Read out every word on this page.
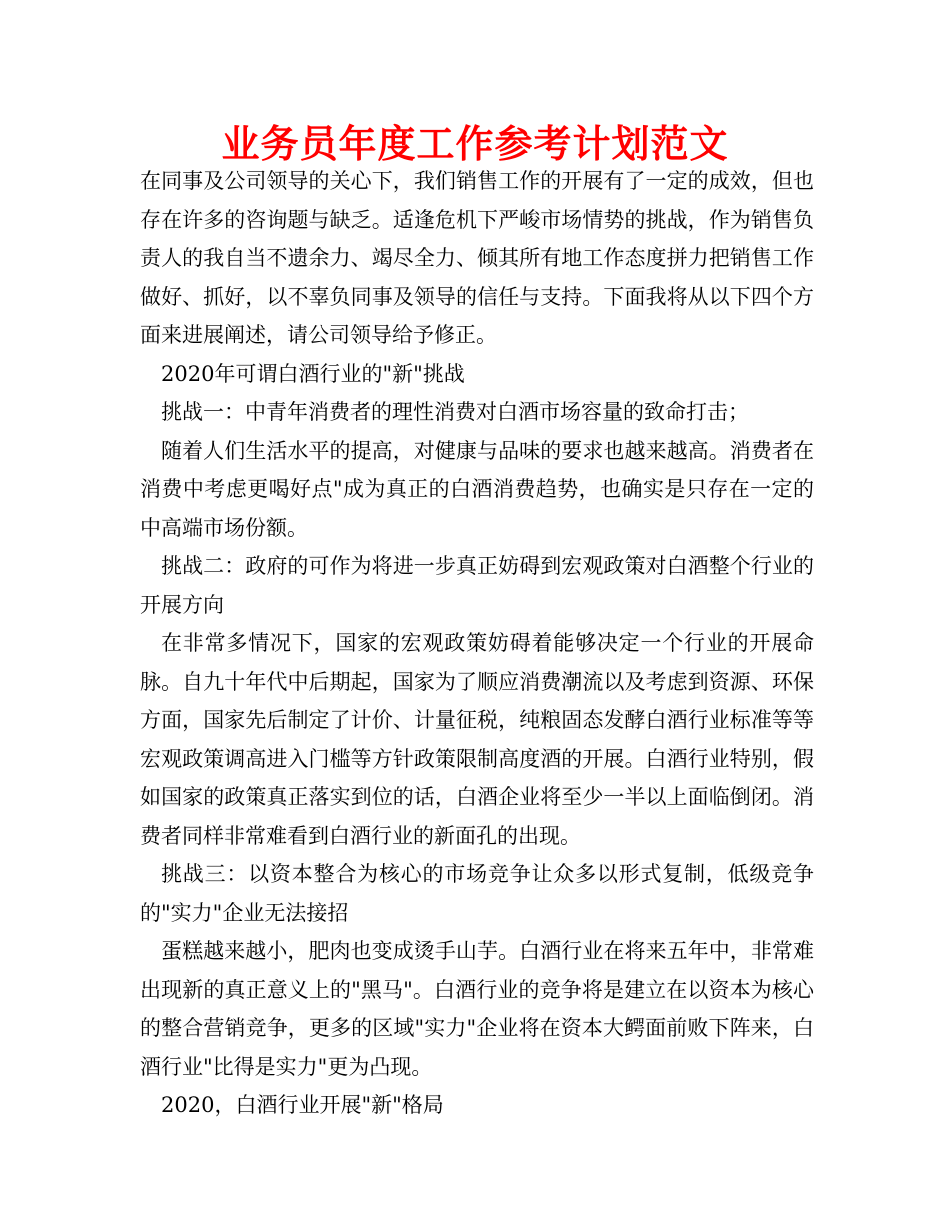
业务员年度工作参考计划范文

在同事及公司领导的关心下，我们销售工作的开展有了一定的成效，但也存在许多的咨询题与缺乏。适逢危机下严峻市场情势的挑战，作为销售负责人的我自当不遗余力、竭尽全力、倾其所有地工作态度拼力把销售工作做好、抓好，以不辜负同事及领导的信任与支持。下面我将从以下四个方面来进展阐述，请公司领导给予修正。

2020年可谓白酒行业的"新"挑战

挑战一：中青年消费者的理性消费对白酒市场容量的致命打击；

随着人们生活水平的提高，对健康与品味的要求也越来越高。消费者在消费中考虑更喝好点"成为真正的白酒消费趋势，也确实是只存在一定的中高端市场份额。

挑战二：政府的可作为将进一步真正妨碍到宏观政策对白酒整个行业的开展方向

在非常多情况下，国家的宏观政策妨碍着能够决定一个行业的开展命脉。自九十年代中后期起，国家为了顺应消费潮流以及考虑到资源、环保方面，国家先后制定了计价、计量征税，纯粮固态发酵白酒行业标准等等宏观政策调高进入门槛等方针政策限制高度酒的开展。白酒行业特别，假如国家的政策真正落实到位的话，白酒企业将至少一半以上面临倒闭。消费者同样非常难看到白酒行业的新面孔的出现。

挑战三：以资本整合为核心的市场竞争让众多以形式复制，低级竞争的"实力"企业无法接招

蛋糕越来越小，肥肉也变成烫手山芋。白酒行业在将来五年中，非常难出现新的真正意义上的"黑马"。白酒行业的竞争将是建立在以资本为核心的整合营销竞争，更多的区域"实力"企业将在资本大鳄面前败下阵来，白酒行业"比得是实力"更为凸现。

2020，白酒行业开展"新"格局
